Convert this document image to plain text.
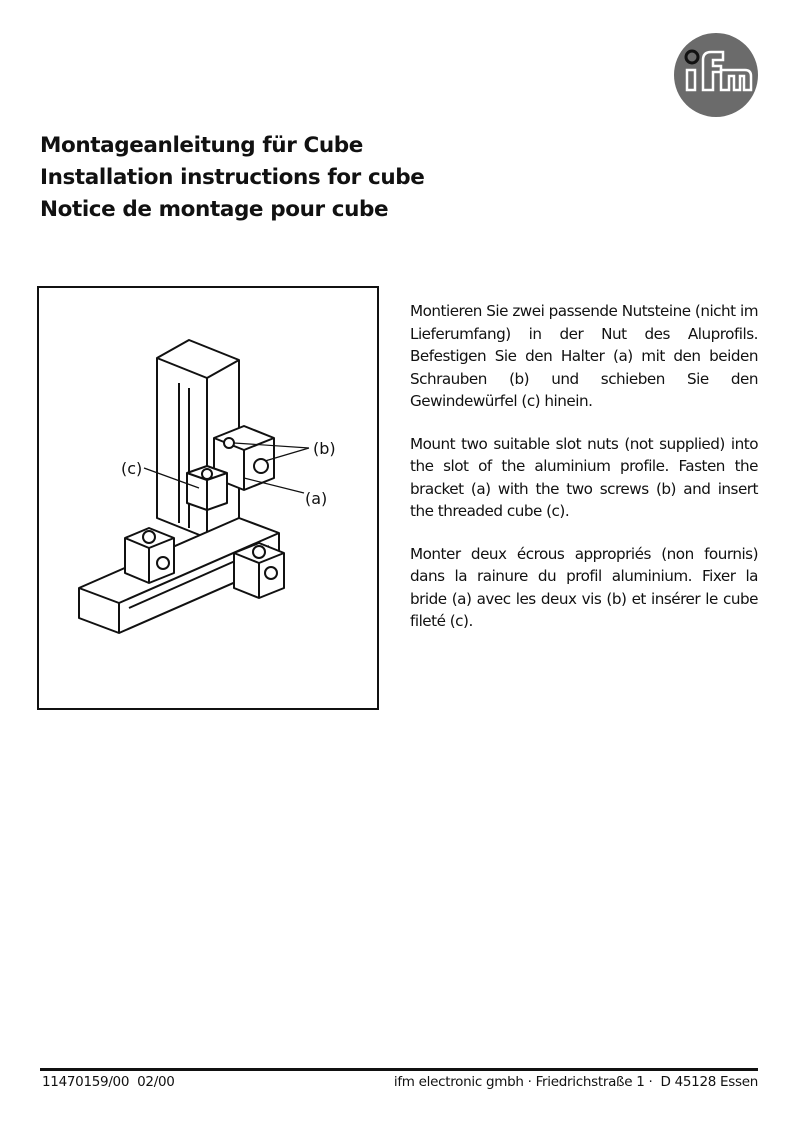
Montageanleitung für Cube
Installation instructions for cube
Notice de montage pour cube
(b)
(a)
(c)

Montieren Sie zwei passende Nutsteine (nicht im Lieferumfang) in der Nut des Aluprofils. Befestigen Sie den Halter (a) mit den beiden Schrauben (b) und schieben Sie den Gewindewürfel (c) hinein.

Mount two suitable slot nuts (not supplied) into the slot of the aluminium profile. Fasten the bracket (a) with the two screws (b) and insert the threaded cube (c).

Monter deux écrous appropriés (non fournis) dans la rainure du profil aluminium. Fixer la bride (a) avec les deux vis (b) et insérer le cube fileté (c).

11470159/00  02/00	ifm electronic gmbh · Friedrichstraße 1 ·  D 45128 Essen
